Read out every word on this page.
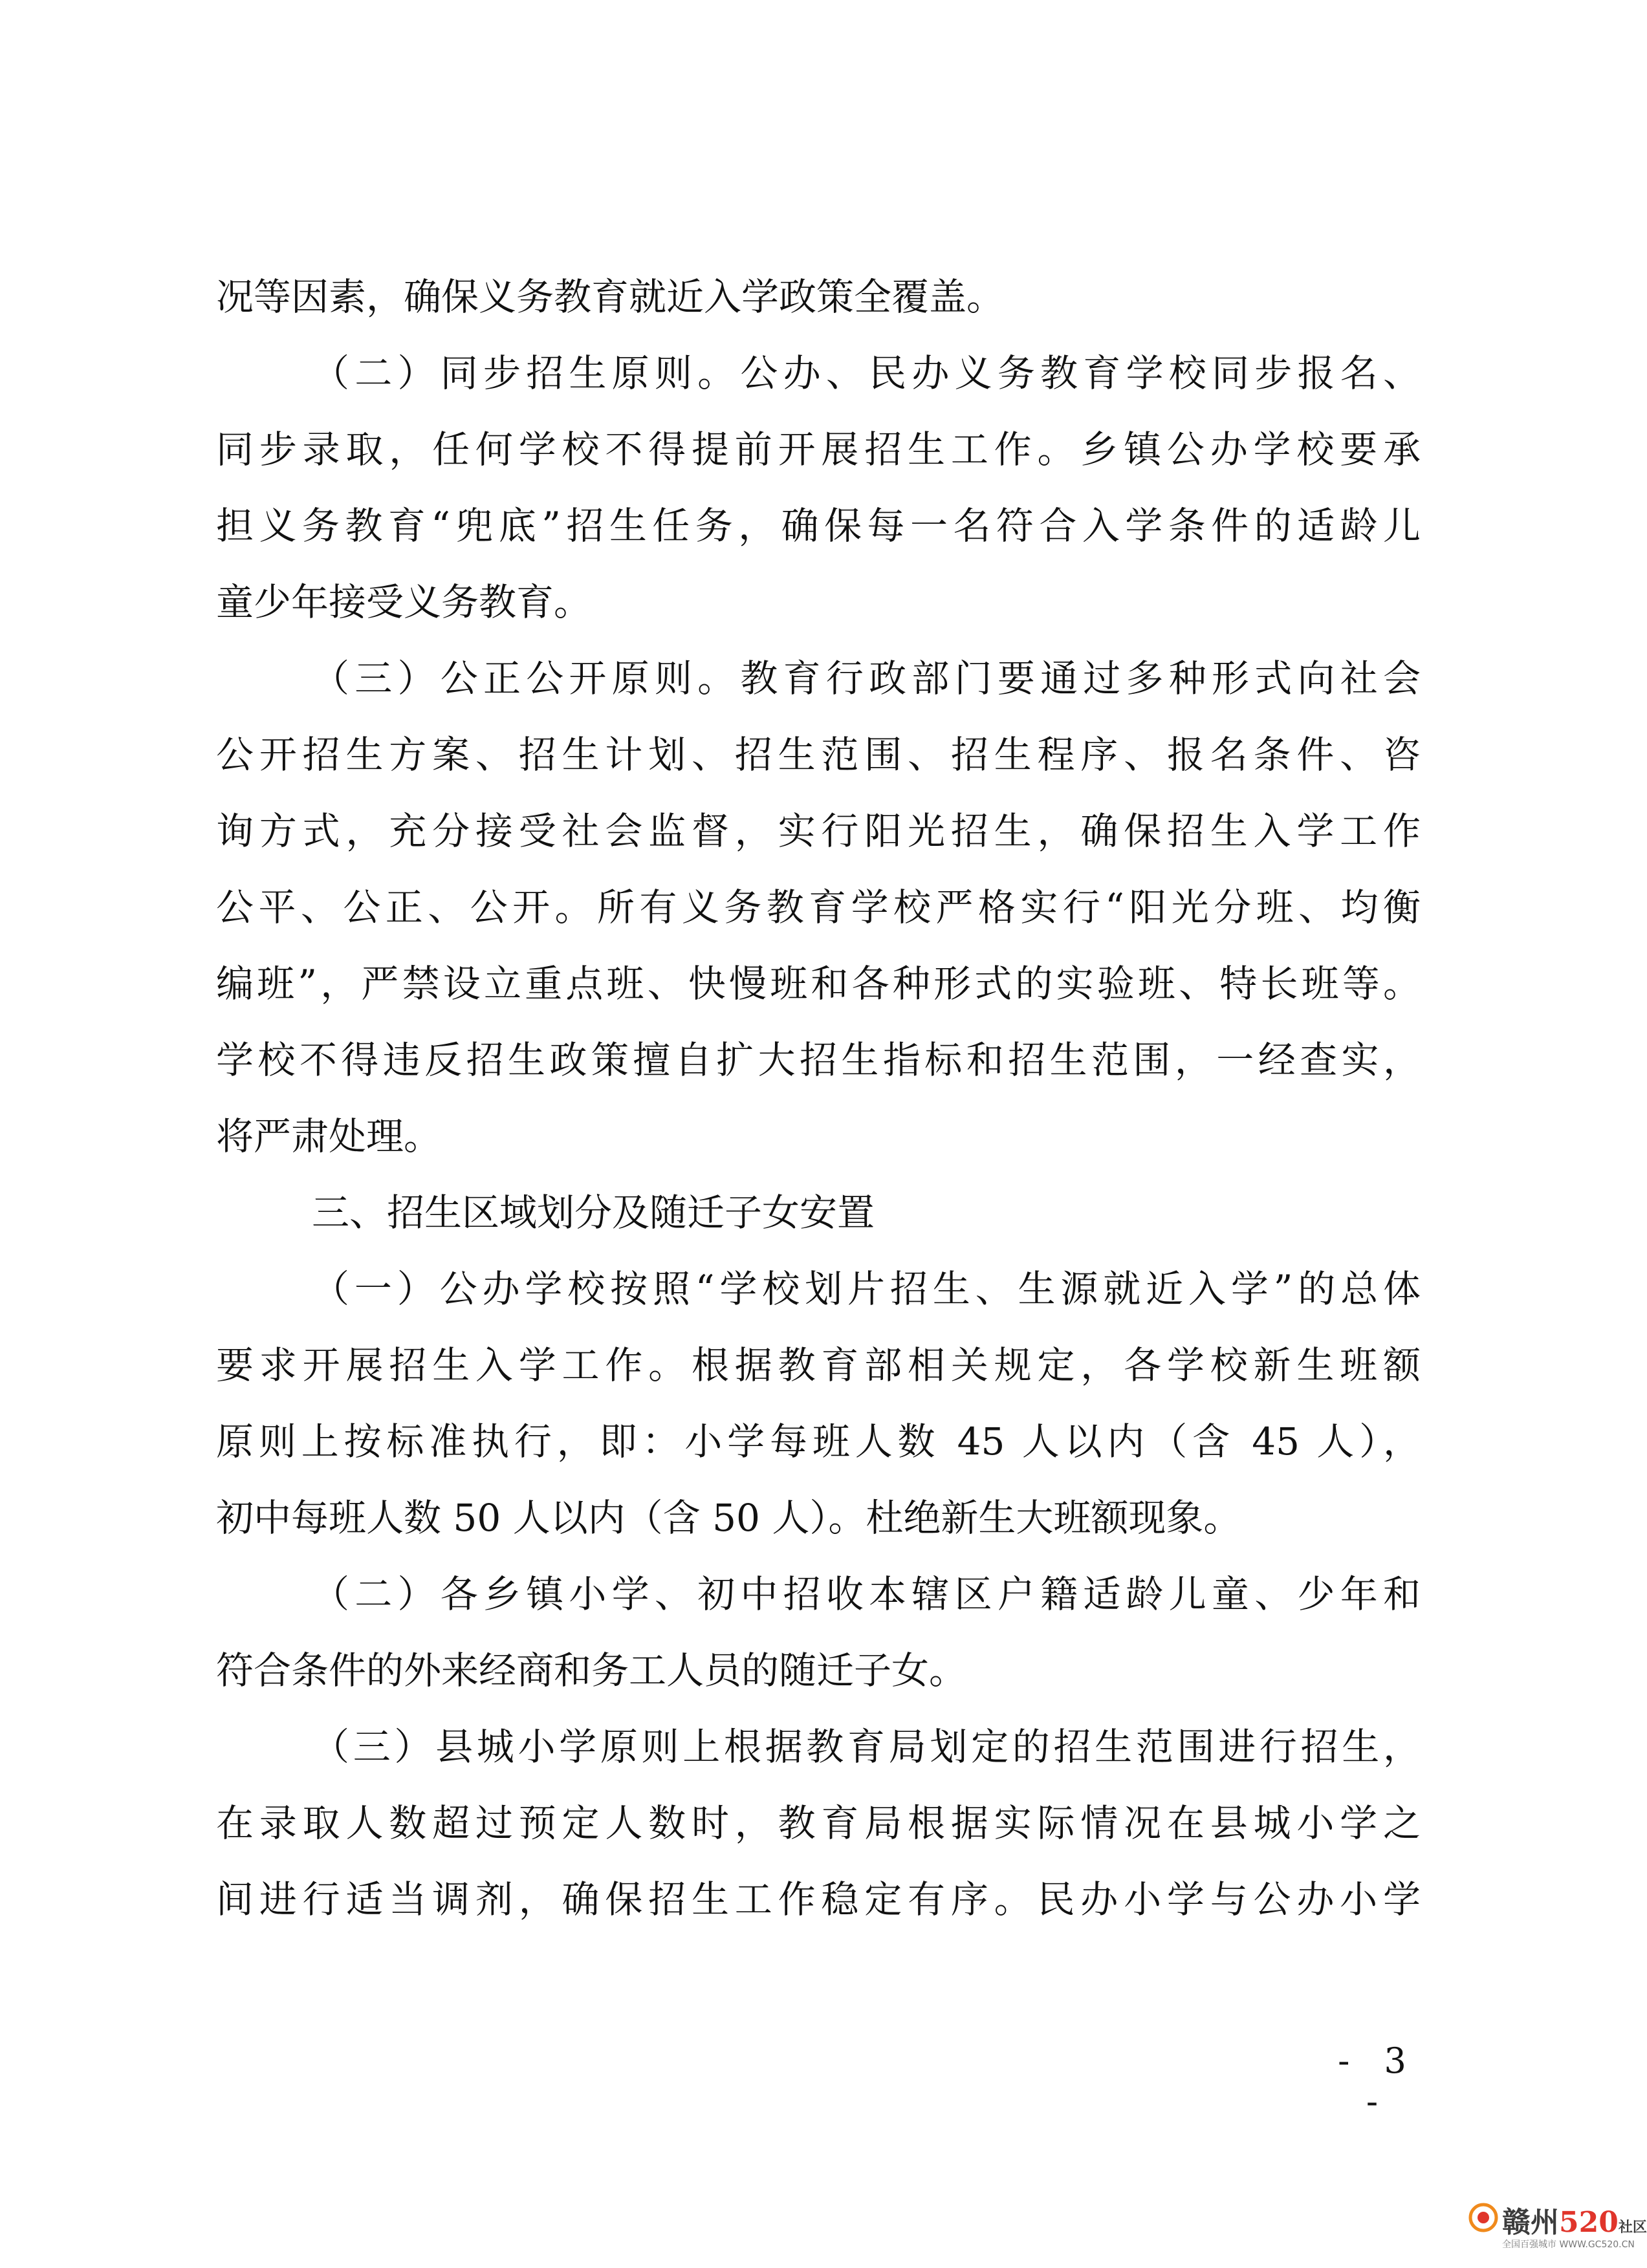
况等因素，确保义务教育就近入学政策全覆盖。
（二）同步招生原则。公办、民办义务教育学校同步报名、
同步录取，任何学校不得提前开展招生工作。乡镇公办学校要承
担义务教育“兜底”招生任务，确保每一名符合入学条件的适龄儿
童少年接受义务教育。
（三）公正公开原则。教育行政部门要通过多种形式向社会
公开招生方案、招生计划、招生范围、招生程序、报名条件、咨
询方式，充分接受社会监督，实行阳光招生，确保招生入学工作
公平、公正、公开。所有义务教育学校严格实行“阳光分班、均衡
编班”，严禁设立重点班、快慢班和各种形式的实验班、特长班等。
学校不得违反招生政策擅自扩大招生指标和招生范围，一经查实，
将严肃处理。
三、招生区域划分及随迁子女安置
（一）公办学校按照“学校划片招生、生源就近入学”的总体
要求开展招生入学工作。根据教育部相关规定，各学校新生班额
原则上按标准执行，即：小学每班人数 45 人以内（含 45 人），
初中每班人数 50 人以内（含 50 人）。杜绝新生大班额现象。
（二）各乡镇小学、初中招收本辖区户籍适龄儿童、少年和
符合条件的外来经商和务工人员的随迁子女。
（三）县城小学原则上根据教育局划定的招生范围进行招生，
在录取人数超过预定人数时，教育局根据实际情况在县城小学之
间进行适当调剂，确保招生工作稳定有序。民办小学与公办小学
- 3 -
赣州520社区
全国百强城市 WWW.GC520.CN
